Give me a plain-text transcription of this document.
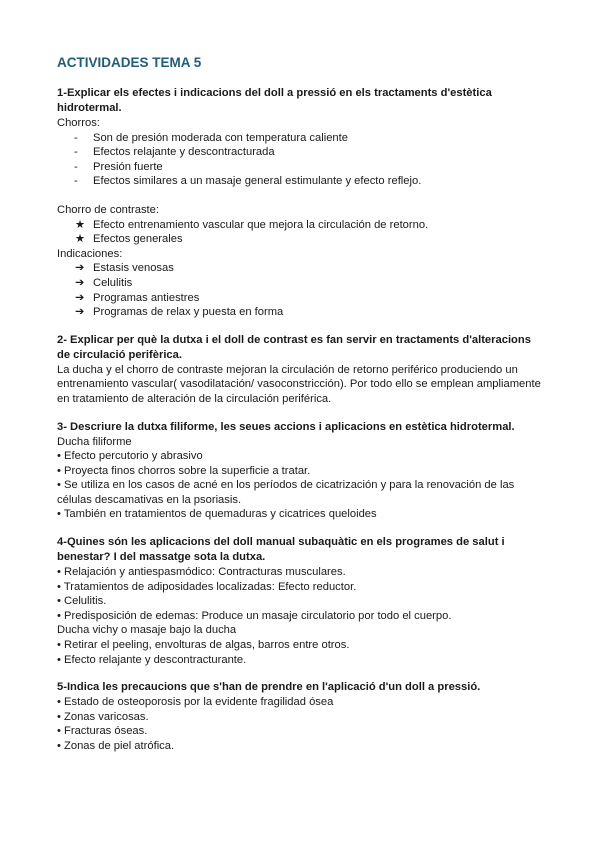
ACTIVIDADES TEMA 5

1-Explicar els efectes i indicacions del doll a pressió en els tractaments d'estètica hidrotermal.

Chorros:

- Son de presión moderada con temperatura caliente
- Efectos relajante y descontracturada
- Presión fuerte
- Efectos similares a un masaje general estimulante y efecto reflejo.

Chorro de contraste:

★ Efecto entrenamiento vascular que mejora la circulación de retorno.
★ Efectos generales

Indicaciones:

➔ Estasis venosas
➔ Celulitis
➔ Programas antiestres
➔ Programas de relax y puesta en forma

2- Explicar per què la dutxa i el doll de contrast es fan servir en tractaments d'alteracions de circulació perifèrica.

La ducha y el chorro de contraste mejoran la circulación de retorno periférico produciendo un entrenamiento vascular( vasodilatación/ vasoconstricción). Por todo ello se emplean ampliamente en tratamiento de alteración de la circulación periférica.

3- Descriure la dutxa filiforme, les seues accions i aplicacions en estètica hidrotermal.

Ducha filiforme

• Efecto percutorio y abrasivo

• Proyecta finos chorros sobre la superficie a tratar.

• Se utiliza en los casos de acné en los períodos de cicatrización y para la renovación de las células descamativas en la psoriasis.

• También en tratamientos de quemaduras y cicatrices queloides

4-Quines són les aplicacions del doll manual subaquàtic en els programes de salut i benestar? I del massatge sota la dutxa.

• Relajación y antiespasmódico: Contracturas musculares.

• Tratamientos de adiposidades localizadas: Efecto reductor.

• Celulitis.

• Predisposición de edemas: Produce un masaje circulatorio por todo el cuerpo.

Ducha vichy o masaje bajo la ducha

• Retirar el peeling, envolturas de algas, barros entre otros.

• Efecto relajante y descontracturante.

5-Indica les precaucions que s'han de prendre en l'aplicació d'un doll a pressió.

• Estado de osteoporosis por la evidente fragilidad ósea

• Zonas varicosas.

• Fracturas óseas.

• Zonas de piel atrófica.
